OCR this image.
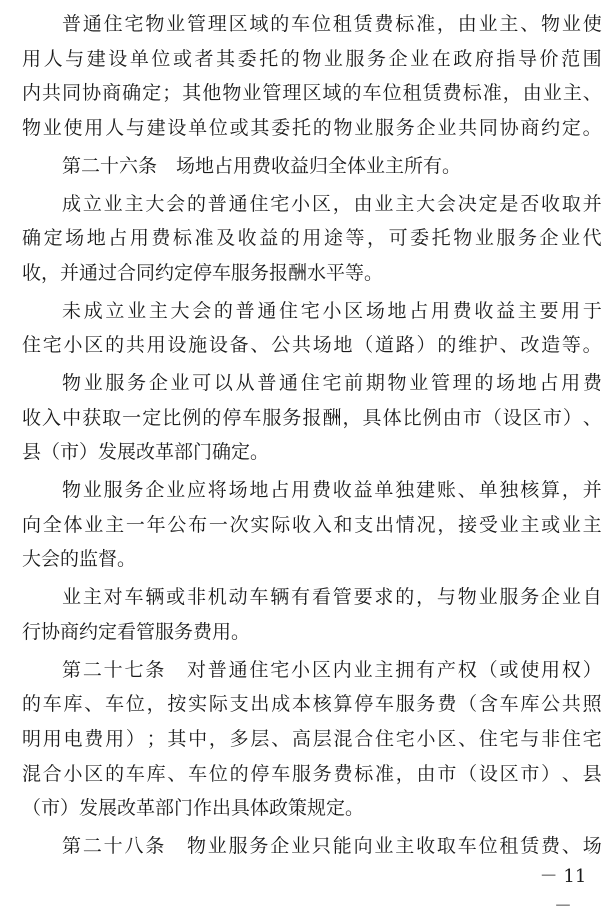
普 通 住 宅 物 业 管 理 区 域 的 车 位 租 赁 费 标 准 ， 由 业 主 、 物 业 使
用 人 与 建 设 单 位 或 者 其 委 托 的 物 业 服 务 企 业 在 政 府 指 导 价 范 围
内 共 同 协 商 确 定 ； 其 他 物 业 管 理 区 域 的 车 位 租 赁 费 标 准 ， 由 业 主 、
物 业 使 用 人 与 建 设 单 位 或 其 委 托 的 物 业 服 务 企 业 共 同 协 商 约 定 。
第二十六条　场地占用费收益归全体业主所有。
成 立 业 主 大 会 的 普 通 住 宅 小 区 ， 由 业 主 大 会 决 定 是 否 收 取 并
确 定 场 地 占 用 费 标 准 及 收 益 的 用 途 等 ， 可 委 托 物 业 服 务 企 业 代
收，并通过合同约定停车服务报酬水平等。
未 成 立 业 主 大 会 的 普 通 住 宅 小 区 场 地 占 用 费 收 益 主 要 用 于
住 宅 小 区 的 共 用 设 施 设 备 、 公 共 场 地 （ 道 路 ） 的 维 护 、 改 造 等 。
物 业 服 务 企 业 可 以 从 普 通 住 宅 前 期 物 业 管 理 的 场 地 占 用 费
收 入 中 获 取 一 定 比 例 的 停 车 服 务 报 酬 ， 具 体 比 例 由 市 （ 设 区 市 ） 、
县（市）发展改革部门确定。
物 业 服 务 企 业 应 将 场 地 占 用 费 收 益 单 独 建 账 、 单 独 核 算 ， 并
向 全 体 业 主 一 年 公 布 一 次 实 际 收 入 和 支 出 情 况 ， 接 受 业 主 或 业 主
大会的监督。
业 主 对 车 辆 或 非 机 动 车 辆 有 看 管 要 求 的 ， 与 物 业 服 务 企 业 自
行协商约定看管服务费用。
第 二 十 七 条
　 对 普 通 住 宅 小 区 内 业 主 拥 有 产 权 （ 或 使 用 权 ）
的 车 库 、 车 位 ， 按 实 际 支 出 成 本 核 算 停 车 服 务 费 （ 含 车 库 公 共 照
明 用 电 费 用 ） ； 其 中 ， 多 层 、 高 层 混 合 住 宅 小 区 、 住 宅 与 非 住 宅
混 合 小 区 的 车 库 、 车 位 的 停 车 服 务 费 标 准 ， 由 市 （ 设 区 市 ） 、 县
（市）发展改革部门作出具体政策规定。
第 二 十 八 条
　 物 业 服 务 企 业 只 能 向 业 主 收 取 车 位 租 赁 费 、 场
－ 11 －
